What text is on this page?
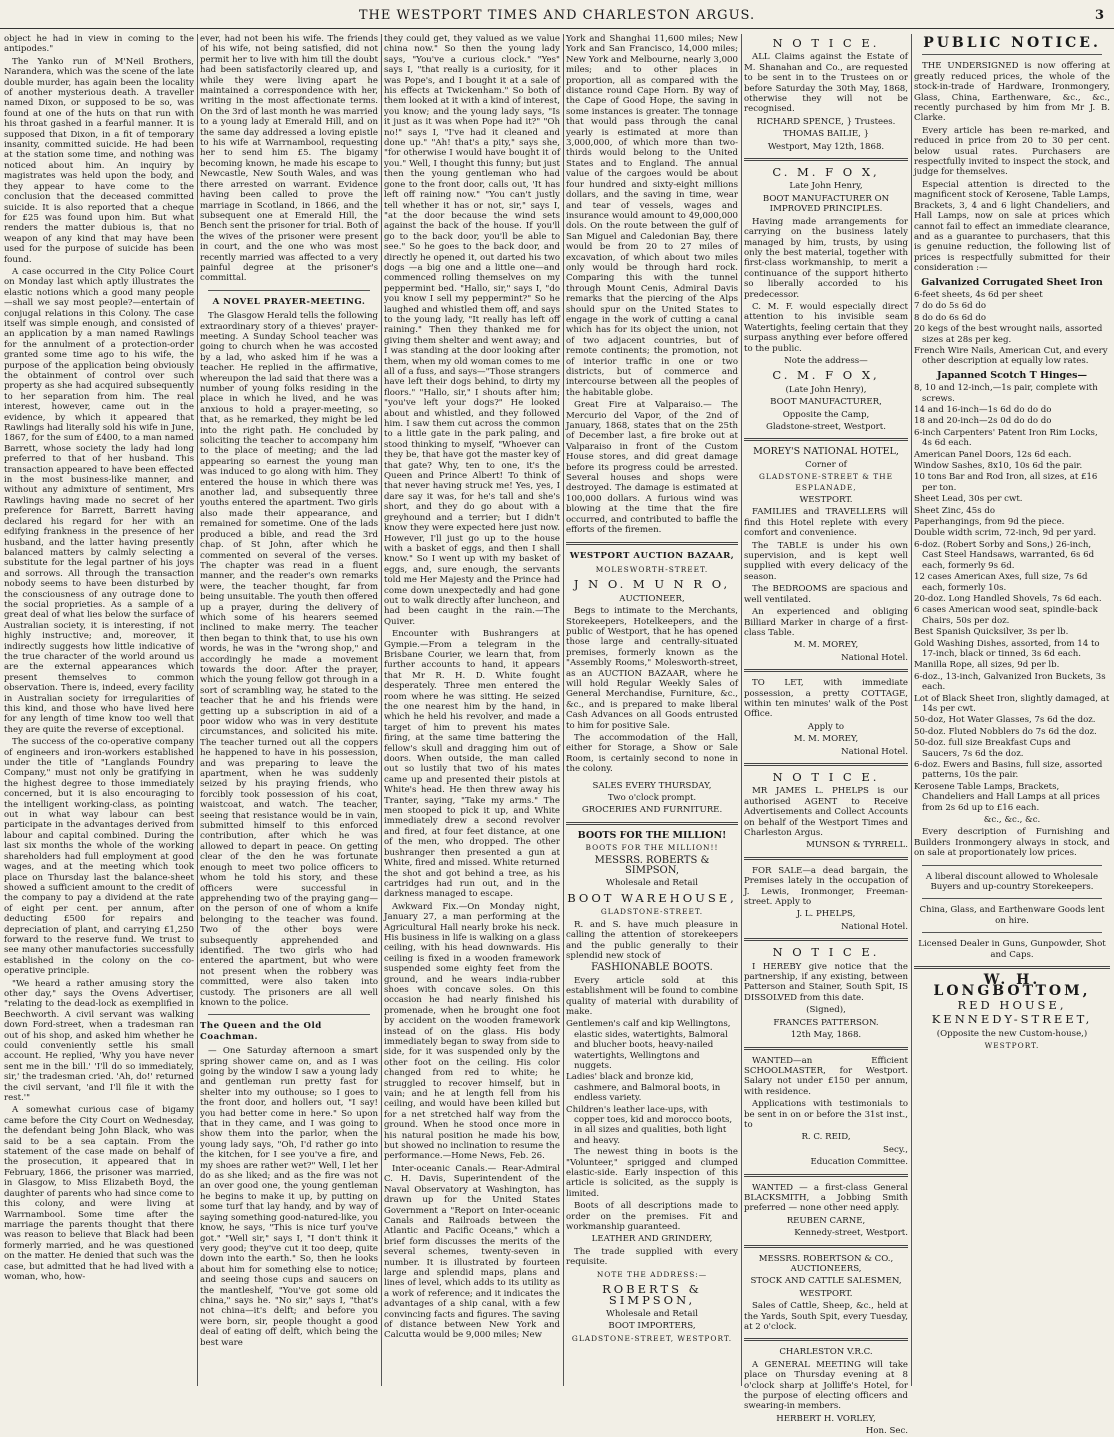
THE WESTPORT TIMES AND CHARLESTON ARGUS.	3

object he had in view in coming to the antipodes."

The Yanko run of M'Neil Brothers, Narandera, which was the scene of the late double murder, has again been the locality of another mysterious death. A traveller named Dixon, or supposed to be so, was found at one of the huts on that run with his throat gashed in a fearful manner. It is supposed that Dixon, in a fit of temporary insanity, committed suicide. He had been at the station some time, and nothing was noticed about him. An inquiry by magistrates was held upon the body, and they appear to have come to the conclusion that the deceased committed suicide. It is also reported that a cheque for £25 was found upon him. But what renders the matter dubious is, that no weapon of any kind that may have been used for the purpose of suicide has been found.

A case occurred in the City Police Court on Monday last which aptly illustrates the elastic notions which a good many people—shall we say most people?—entertain of conjugal relations in this Colony. The case itself was simple enough, and consisted of an application by a man named Rawlings for the annulment of a protection-order granted some time ago to his wife, the purpose of the application being obviously the obtainment of control over such property as she had acquired subsequently to her separation from him. The real interest, however, came out in the evidence, by which it appeared that Rawlings had literally sold his wife in June, 1867, for the sum of £400, to a man named Barrett, whose society the lady had long preferred to that of her husband. This transaction appeared to have been effected in the most business-like manner, and without any admixture of sentiment, Mrs Rawlings having made no secret of her preference for Barrett, Barrett having declared his regard for her with an edifying frankness in the presence of her husband, and the latter having presently balanced matters by calmly selecting a substitute for the legal partner of his joys and sorrows. All through the transaction nobody seems to have been disturbed by the consciousness of any outrage done to the social proprieties. As a sample of a great deal of what lies below the surface of Australian society, it is interesting, if not highly instructive; and, moreover, it indirectly suggests how little indicative of the true character of the world around us are the external appearances which present themselves to common observation. There is, indeed, every facility in Australian society for irregularities of this kind, and those who have lived here for any length of time know too well that they are quite the reverse of exceptional.

The success of the co-operative company of engineers and iron-workers established under the title of "Langlands Foundry Company," must not only be gratifying in the highest degree to those immediately concerned, but it is also encouraging to the intelligent working-class, as pointing out in what way labour can best participate in the advantages derived from labour and capital combined. During the last six months the whole of the working shareholders had full employment at good wages, and at the meeting which took place on Thursday last the balance-sheet showed a sufficient amount to the credit of the company to pay a dividend at the rate of eight per cent. per annum, after deducting £500 for repairs and depreciation of plant, and carrying £1,250 forward to the reserve fund. We trust to see many other manufactories successfully established in the colony on the co-operative principle.

"We heard a rather amusing story the other day," says the Ovens Advertiser, "relating to the dead-lock as exemplified in Beechworth. A civil servant was walking down Ford-street, when a tradesman ran out of his shop, and asked him whether he could conveniently settle his small account. He replied, 'Why you have never sent me in the bill.' 'I'll do so immediately, sir,' the tradesman cried. 'Ah, do!' returned the civil servant, 'and I'll file it with the rest.'"

A somewhat curious case of bigamy came before the City Court on Wednesday, the defendant being John Black, who was said to be a sea captain. From the statement of the case made on behalf of the prosecution, it appeared that in February, 1866, the prisoner was married, in Glasgow, to Miss Elizabeth Boyd, the daughter of parents who had since come to this colony, and were living at Warrnambool. Some time after the marriage the parents thought that there was reason to believe that Black had been formerly married, and he was questioned on the matter. He denied that such was the case, but admitted that he had lived with a woman, who, how-

ever, had not been his wife. The friends of his wife, not being satisfied, did not permit her to live with him till the doubt had been satisfactorily cleared up, and while they were living apart he maintained a correspondence with her, writing in the most affectionate terms. On the 3rd of last month he was married to a young lady at Emerald Hill, and on the same day addressed a loving epistle to his wife at Warrnambool, requesting her to send him £5. The bigamy becoming known, he made his escape to Newcastle, New South Wales, and was there arrested on warrant. Evidence having been called to prove the marriage in Scotland, in 1866, and the subsequent one at Emerald Hill, the Bench sent the prisoner for trial. Both of the wives of the prisoner were present in court, and the one who was most recently married was affected to a very painful degree at the prisoner's committal.

A NOVEL PRAYER-MEETING.

The Glasgow Herald tells the following extraordinary story of a thieves' prayer-meeting. A Sunday School teacher was going to church when he was accosted by a lad, who asked him if he was a teacher. He replied in the affirmative, whereupon the lad said that there was a number of young folks residing in the place in which he lived, and he was anxious to hold a prayer-meeting, so that, as he remarked, they might be led into the right path. He concluded by soliciting the teacher to accompany him to the place of meeting; and the lad appearing so earnest the young man was induced to go along with him. They entered the house in which there was another lad, and subsequently three youths entered the apartment. Two girls also made their appearance, and remained for sometime. One of the lads produced a bible, and read the 3rd chap. of St John, after which he commented on several of the verses. The chapter was read in a fluent manner, and the reader's own remarks were, the teacher thought, far from being unsuitable. The youth then offered up a prayer, during the delivery of which some of his hearers seemed inclined to make merry. The teacher then began to think that, to use his own words, he was in the "wrong shop," and accordingly he made a movement towards the door. After the prayer, which the young fellow got through in a sort of scrambling way, he stated to the teacher that he and his friends were getting up a subscription in aid of a poor widow who was in very destitute circumstances, and solicited his mite. The teacher turned out all the coppers he happened to have in his possession, and was preparing to leave the apartment, when he was suddenly seized by his praying friends, who forcibly took possession of his coat, waistcoat, and watch. The teacher, seeing that resistance would be in vain, submitted himself to this enforced contribution, after which he was allowed to depart in peace. On getting clear of the den he was fortunate enough to meet two police officers to whom he told his story, and these officers were successful in apprehending two of the praying gang—on the person of one of whom a knife belonging to the teacher was found. Two of the other boys were subsequently apprehended and identified. The two girls who had entered the apartment, but who were not present when the robbery was committed, were also taken into custody. The prisoners are all well known to the police.

The Queen and the Old Coachman.

— One Saturday afternoon a smart spring shower came on, and as I was going by the window I saw a young lady and gentleman run pretty fast for shelter into my outhouse; so I goes to the front door, and hollers out, "I say! you had better come in here." So upon that in they came, and I was going to show them into the parlor, when the young lady says, "Oh, I'd rather go into the kitchen, for I see you've a fire, and my shoes are rather wet?" Well, I let her do as she liked; and as the fire was not an over good one, the young gentleman he begins to make it up, by putting on some turf that lay handy, and by way of saying something good-natured-like, you know, he says, "This is nice turf you've got." "Well sir," says I, "I don't think it very good; they've cut it too deep, quite down into the earth." So, then he looks about him for something else to notice; and seeing those cups and saucers on the mantleshelf, "You've got some old china," says he. "No sir," says I, "that's not china—it's delft; and before you were born, sir, people thought a good deal of eating off delft, which being the best ware

they could get, they valued as we value china now." So then the young lady says, "You've a curious clock." "Yes" says I, "that really is a curiosity, for it was Pope's, and I bought it at a sale of his effects at Twickenham." So both of them looked at it with a kind of interest, you know; and the young lady says, "Is it just as it was when Pope had it?" "Oh no!" says I, "I've had it cleaned and done up." "Ah! that's a pity," says she, "for otherwise I would have bought it of you." Well, I thought this funny; but just then the young gentleman who had gone to the front door, calls out, 'It has left off raining now." "You can't justly tell whether it has or not, sir," says I, "at the door because the wind sets against the back of the house. If you'll go to the back door, you'll be able to see." So he goes to the back door, and directly he opened it, out darted his two dogs —a big one and a little one—and commenced rolling themselves on my peppermint bed. "Hallo, sir," says I, "do you know I sell my peppermint?" So he laughed and whistled them off, and says to the young lady, "It really has left off raining." Then they thanked me for giving them shelter and went away; and I was standing at the door looking after them, when my old woman comes to me all of a fuss, and says—"Those strangers have left their dogs behind, to dirty my floors." "Hallo, sir," I shouts after him; "you've left your dogs?" He looked about and whistled, and they followed him. I saw them cut across the common to a little gate in the park paling, and stood thinking to myself, "Whoever can they be, that have got the master key of that gate? Why, ten to one, it's the Queen and Prince Albert! To think of that never having struck me! Yes, yes, I dare say it was, for he's tall and she's short, and they do go about with a greyhound and a terrier; but I didn't know they were expected here just now. However, I'll just go up to the house with a basket of eggs, and then I shall know." So I went up with my basket of eggs, and, sure enough, the servants told me Her Majesty and the Prince had come down unexpectedly and had gone out to walk directly after luncheon, and had been caught in the rain.—The Quiver.

Encounter with Bushrangers at Gympie.—From a telegram in the Brisbane Courier, we learn that, from further accounts to hand, it appears that Mr R. H. D. White fought desperately. Three men entered the room where he was sitting. He seized the one nearest him by the hand, in which he held his revolver, and made a target of him to prevent his mates firing, at the same time battering the fellow's skull and dragging him out of doors. When outside, the man called out so lustily that two of his mates came up and presented their pistols at White's head. He then threw away his Tranter, saying, "Take my arms." The men stooped to pick it up, and White immediately drew a second revolver and fired, at four feet distance, at one of the men, who dropped. The other bushranger then presented a gun at White, fired and missed. White returned the shot and got behind a tree, as his cartridges had run out, and in the darkness managed to escape.

Awkward Fix.—On Monday night, January 27, a man performing at the Agricultural Hall nearly broke his neck. His business in life is walking on a glass ceiling, with his head downwards. His ceiling is fixed in a wooden framework suspended some eighty feet from the ground, and he wears india-rubber shoes with concave soles. On this occasion he had nearly finished his promenade, when he brought one foot by accident on the wooden framework instead of on the glass. His body immediately began to sway from side to side, for it was suspended only by the other foot on the ceiling. His color changed from red to white; he struggled to recover himself, but in vain; and he at length fell from his ceiling, and would have been killed but for a net stretched half way from the ground. When he stood once more in his natural position he made his bow, but showed no inclination to resume the performance.—Home News, Feb. 26.

Inter-oceanic Canals.— Rear-Admiral C. H. Davis, Superintendent of the Naval Observatory at Washington, has drawn up for the United States Government a "Report on Inter-oceanic Canals and Railroads between the Atlantic and Pacific Oceans," which a brief form discusses the merits of the several schemes, twenty-seven in number. It is illustrated by fourteen large and splendid maps, plans and lines of level, which adds to its utility as a work of reference; and it indicates the advantages of a ship canal, with a few convincing facts and figures. The saving of distance between New York and Calcutta would be 9,000 miles; New

York and Shanghai 11,600 miles; New York and San Francisco, 14,000 miles; New York and Melbourne, nearly 3,000 miles; and to other places in proportion, all as compared with the distance round Cape Horn. By way of the Cape of Good Hope, the saving in some instances is greater. The tonnage that would pass through the canal yearly is estimated at more than 3,000,000, of which more than two-thirds would belong to the United States and to England. The annual value of the cargoes would be about four hundred and sixty-eight millions dollars, and the saving in time, wear and tear of vessels, wages and insurance would amount to 49,000,000 dols. On the route between the gulf of San Miguel and Caledonian Bay, there would be from 20 to 27 miles of excavation, of which about two miles only would be through hard rock. Comparing this with the tunnel through Mount Cenis, Admiral Davis remarks that the piercing of the Alps should spur on the United States to engage in the work of cutting a canal which has for its object the union, not of two adjacent countries, but of remote continents; the promotion, not of interior traffic in one or two districts, but of commerce and intercourse between all the peoples of the habitable globe.

Great Fire at Valparaiso.— The Mercurio del Vapor, of the 2nd of January, 1868, states that on the 25th of December last, a fire broke out at Valparaiso in front of the Custom House stores, and did great damage before its progress could be arrested. Several houses and shops were destroyed. The damage is estimated at 100,000 dollars. A furious wind was blowing at the time that the fire occurred, and contributed to baffle the efforts of the firemen.

WESTPORT AUCTION BAZAAR,
MOLESWORTH-STREET.
J N O. M U N R O,
AUCTIONEER,

Begs to intimate to the Merchants, Storekeepers, Hotelkeepers, and the public of Westport, that he has opened those large and centrally-situated premises, formerly known as the "Assembly Rooms," Molesworth-street, as an AUCTION BAZAAR, where he will hold Regular Weekly Sales of General Merchandise, Furniture, &c., &c., and is prepared to make liberal Cash Advances on all Goods entrusted to him for positive Sale.

The accommodation of the Hall, either for Storage, a Show or Sale Room, is certainly second to none in the colony.

SALES EVERY THURSDAY,
Two o'clock prompt.
GROCERIES AND FURNITURE.
BOOTS FOR THE MILLION!
BOOTS FOR THE MILLION!!
MESSRS. ROBERTS & SIMPSON,
Wholesale and Retail
BOOT WAREHOUSE,
GLADSTONE-STREET.

R. and S. have much pleasure in calling the attention of storekeepers and the public generally to their splendid new stock of

FASHIONABLE BOOTS.

Every article sold at this establishment will be found to combine quality of material with durability of make.

Gentlemen's calf and kip Wellingtons, elastic sides, watertights, Balmoral and blucher boots, heavy-nailed watertights, Wellingtons and nuggets.

Ladies' black and bronze kid, cashmere, and Balmoral boots, in endless variety.

Children's leather lace-ups, with copper toes, kid and morocco boots, in all sizes and qualities, both light and heavy.

The newest thing in boots is the "Volunteer," sprigged and clumped elastic-side. Early inspection of this article is solicited, as the supply is limited.

Boots of all descriptions made to order on the premises. Fit and workmanship guaranteed.

LEATHER AND GRINDERY,

The trade supplied with every requisite.

NOTE THE ADDRESS:—
ROBERTS & SIMPSON,
Wholesale and Retail
BOOT IMPORTERS,
GLADSTONE-STREET, WESTPORT.
N O T I C E.

ALL Claims against the Estate of M. Shanahan and Co., are requested to be sent in to the Trustees on or before Saturday the 30th May, 1868, otherwise they will not be recognised.

RICHARD SPENCE, } Trustees.
THOMAS BAILIE, }
Westport, May 12th, 1868.
C. M. F O X,
Late John Henry,
BOOT MANUFACTURER ON IMPROVED PRINCIPLES.

Having made arrangements for carrying on the business lately managed by him, trusts, by using only the best material, together with first-class workmanship, to merit a continuance of the support hitherto so liberally accorded to his predecessor.

C. M. F. would especially direct attention to his invisible seam Watertights, feeling certain that they surpass anything ever before offered to the public.

Note the address—
C. M. F O X,
(Late John Henry),
BOOT MANUFACTURER,
Opposite the Camp,
Gladstone-street, Westport.
MOREY'S NATIONAL HOTEL,
Corner of
GLADSTONE-STREET & THE ESPLANADE,
WESTPORT.

FAMILIES and TRAVELLERS will find this Hotel replete with every comfort and convenience.

The TABLE is under his own supervision, and is kept well supplied with every delicacy of the season.

The BEDROOMS are spacious and well ventilated.

An experienced and obliging Billiard Marker in charge of a first-class Table.

M. M. MOREY,
National Hotel.

TO LET, with immediate possession, a pretty COTTAGE, within ten minutes' walk of the Post Office.

Apply to
M. M. MOREY,
National Hotel.
N O T I C E.

MR JAMES L. PHELPS is our authorised AGENT to Receive Advertisements and Collect Accounts on behalf of the Westport Times and Charleston Argus.

MUNSON & TYRRELL.

FOR SALE—a dead bargain, the Premises lately in the occupation of J. Lewis, Ironmonger, Freeman-street. Apply to

J. L. PHELPS,
National Hotel.
N O T I C E.

I HEREBY give notice that the partnership, if any existing, between Patterson and Stainer, South Spit, IS DISSOLVED from this date.

(Signed),
FRANCES PATTERSON.
12th May, 1868.

WANTED—an Efficient SCHOOLMASTER, for Westport. Salary not under £150 per annum, with residence.

Applications with testimonials to be sent in on or before the 31st inst., to

R. C. REID,
Secy.,
Education Committee.

WANTED — a first-class General BLACKSMITH, a Jobbing Smith preferred — none other need apply.

REUBEN CARNE,
Kennedy-street, Westport.
MESSRS. ROBERTSON & CO., AUCTIONEERS,
STOCK AND CATTLE SALESMEN,
WESTPORT.

Sales of Cattle, Sheep, &c., held at the Yards, South Spit, every Tuesday, at 2 o'clock.

CHARLESTON V.R.C.

A GENERAL MEETING will take place on Thursday evening at 8 o'clock sharp at Jolliffe's Hotel, for the purpose of electing officers and swearing-in members.

HERBERT H. VORLEY,
Hon. Sec.
PUBLIC NOTICE.

THE UNDERSIGNED is now offering at greatly reduced prices, the whole of the stock-in-trade of Hardware, Ironmongery, Glass, China, Earthenware, &c., &c., recently purchased by him from Mr J. B. Clarke.

Every article has been re-marked, and reduced in price from 20 to 30 per cent. below usual rates. Purchasers are respectfully invited to inspect the stock, and judge for themselves.

Especial attention is directed to the magnificent stock of Kerosene, Table Lamps, Brackets, 3, 4 and 6 light Chandeliers, and Hall Lamps, now on sale at prices which cannot fail to effect an immediate clearance, and as a guarantee to purchasers, that this is genuine reduction, the following list of prices is respectfully submitted for their consideration :—

Galvanized Corrugated Sheet Iron

6-feet sheets, 4s 6d per sheet

7 do do 5s 6d do

8 do do 6s 6d do

20 kegs of the best wrought nails, assorted sizes at 28s per keg.

French Wire Nails, American Cut, and every other description at equally low rates.

Japanned Scotch T Hinges—

8, 10 and 12-inch,—1s pair, complete with screws.

14 and 16-inch—1s 6d do do do

18 and 20-inch—2s 0d do do do

6-inch Carpenters' Patent Iron Rim Locks, 4s 6d each.

American Panel Doors, 12s 6d each.

Window Sashes, 8x10, 10s 6d the pair.

10 tons Bar and Rod Iron, all sizes, at £16 per ton.

Sheet Lead, 30s per cwt.

Sheet Zinc, 45s do

Paperhangings, from 9d the piece.

Double width scrim, 72-inch, 9d per yard.

6-doz. (Robert Sorby and Sons,) 26-inch, Cast Steel Handsaws, warranted, 6s 6d each, formerly 9s 6d.

12 cases American Axes, full size, 7s 6d each, formerly 10s.

20-doz. Long Handled Shovels, 7s 6d each.

6 cases American wood seat, spindle-back Chairs, 50s per doz.

Best Spanish Quicksilver, 3s per lb.

Gold Washing Dishes, assorted, from 14 to 17-inch, black or tinned, 3s 6d each.

Manilla Rope, all sizes, 9d per lb.

6-doz., 13-inch, Galvanized Iron Buckets, 3s each.

Lot of Black Sheet Iron, slightly damaged, at 14s per cwt.

50-doz, Hot Water Glasses, 7s 6d the doz.

50-doz. Fluted Nobblers do 7s 6d the doz.

50-doz. full size Breakfast Cups and Saucers, 7s 6d the doz.

6-doz. Ewers and Basins, full size, assorted patterns, 10s the pair.

Kerosene Table Lamps, Brackets, Chandeliers and Hall Lamps at all prices from 2s 6d up to £16 each.

&c., &c., &c.

Every description of Furnishing and Builders Ironmongery always in stock, and on sale at proportionately low prices.

A liberal discount allowed to Wholesale Buyers and up-country Storekeepers.
China, Glass, and Earthenware Goods lent on hire.
Licensed Dealer in Guns, Gunpowder, Shot and Caps.
W. H. LONGBOTTOM,
RED HOUSE,
KENNEDY-STREET,
(Opposite the new Custom-house,)
WESTPORT.
